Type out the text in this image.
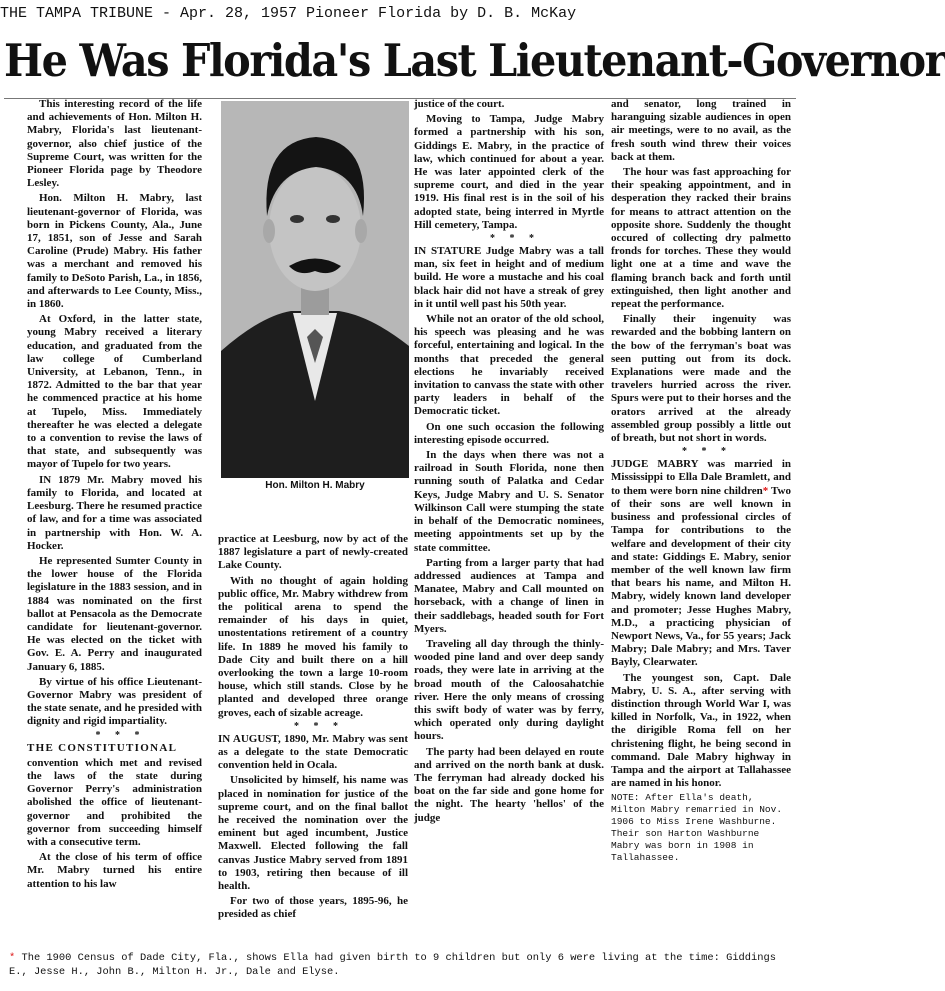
THE TAMPA TRIBUNE - Apr. 28, 1957 Pioneer Florida by D. B. McKay
He Was Florida's Last Lieutenant-Governor

This interesting record of the life and achievements of Hon. Milton H. Mabry, Florida's last lieutenant-governor, also chief justice of the Supreme Court, was written for the Pioneer Florida page by Theodore Lesley.

Hon. Milton H. Mabry, last lieutenant-governor of Florida, was born in Pickens County, Ala., June 17, 1851, son of Jesse and Sarah Caroline (Prude) Mabry. His father was a merchant and removed his family to DeSoto Parish, La., in 1856, and afterwards to Lee County, Miss., in 1860.

At Oxford, in the latter state, young Mabry received a literary education, and graduated from the law college of Cumberland University, at Lebanon, Tenn., in 1872. Admitted to the bar that year he commenced practice at his home at Tupelo, Miss. Immediately thereafter he was elected a delegate to a convention to revise the laws of that state, and subsequently was mayor of Tupelo for two years.

IN 1879 Mr. Mabry moved his family to Florida, and located at Leesburg. There he resumed practice of law, and for a time was associated in partnership with Hon. W. A. Hocker.

He represented Sumter County in the lower house of the Florida legislature in the 1883 session, and in 1884 was nominated on the first ballot at Pensacola as the Democrate candidate for lieutenant-governor. He was elected on the ticket with Gov. E. A. Perry and inaugurated January 6, 1885.

By virtue of his office Lieutenant-Governor Mabry was president of the state senate, and he presided with dignity and rigid impartiality.

* * *

THE CONSTITUTIONAL

convention which met and revised the laws of the state during Governor Perry's administration abolished the office of lieutenant-governor and prohibited the governor from succeeding himself with a consecutive term.

At the close of his term of office Mr. Mabry turned his entire attention to his law

Hon. Milton H. Mabry

practice at Leesburg, now by act of the 1887 legislature a part of newly-created Lake County.

With no thought of again holding public office, Mr. Mabry withdrew from the political arena to spend the remainder of his days in quiet, unostentations retirement of a country life. In 1889 he moved his family to Dade City and built there on a hill overlooking the town a large 10-room house, which still stands. Close by he planted and developed three orange groves, each of sizable acreage.

* * *

IN AUGUST, 1890, Mr. Mabry was sent as a delegate to the state Democratic convention held in Ocala.

Unsolicited by himself, his name was placed in nomination for justice of the supreme court, and on the final ballot he received the nomination over the eminent but aged incumbent, Justice Maxwell. Elected following the fall canvas Justice Mabry served from 1891 to 1903, retiring then because of ill health.

For two of those years, 1895-96, he presided as chief

justice of the court.

Moving to Tampa, Judge Mabry formed a partnership with his son, Giddings E. Mabry, in the practice of law, which continued for about a year. He was later appointed clerk of the supreme court, and died in the year 1919. His final rest is in the soil of his adopted state, being interred in Myrtle Hill cemetery, Tampa.

* * *

IN STATURE Judge Mabry was a tall man, six feet in height and of medium build. He wore a mustache and his coal black hair did not have a streak of grey in it until well past his 50th year.

While not an orator of the old school, his speech was pleasing and he was forceful, entertaining and logical. In the months that preceded the general elections he invariably received invitation to canvass the state with other party leaders in behalf of the Democratic ticket.

On one such occasion the following interesting episode occurred.

In the days when there was not a railroad in South Florida, none then running south of Palatka and Cedar Keys, Judge Mabry and U. S. Senator Wilkinson Call were stumping the state in behalf of the Democratic nominees, meeting appointments set up by the state committee.

Parting from a larger party that had addressed audiences at Tampa and Manatee, Mabry and Call mounted on horseback, with a change of linen in their saddlebags, headed south for Fort Myers.

Traveling all day through the thinly-wooded pine land and over deep sandy roads, they were late in arriving at the broad mouth of the Caloosahatchie river. Here the only means of crossing this swift body of water was by ferry, which operated only during daylight hours.

The party had been delayed en route and arrived on the north bank at dusk. The ferryman had already docked his boat on the far side and gone home for the night. The hearty 'hellos' of the judge

and senator, long trained in haranguing sizable audiences in open air meetings, were to no avail, as the fresh south wind threw their voices back at them.

The hour was fast approaching for their speaking appointment, and in desperation they racked their brains for means to attract attention on the opposite shore. Suddenly the thought occured of collecting dry palmetto fronds for torches. These they would light one at a time and wave the flaming branch back and forth until extinguished, then light another and repeat the performance.

Finally their ingenuity was rewarded and the bobbing lantern on the bow of the ferryman's boat was seen putting out from its dock. Explanations were made and the travelers hurried across the river. Spurs were put to their horses and the orators arrived at the already assembled group possibly a little out of breath, but not short in words.

* * *

JUDGE MABRY was married in Mississippi to Ella Dale Bramlett, and to them were born nine children* Two of their sons are well known in business and professional circles of Tampa for contributions to the welfare and development of their city and state: Giddings E. Mabry, senior member of the well known law firm that bears his name, and Milton H. Mabry, widely known land developer and promoter; Jesse Hughes Mabry, M.D., a practicing physician of Newport News, Va., for 55 years; Jack Mabry; Dale Mabry; and Mrs. Taver Bayly, Clearwater.

The youngest son, Capt. Dale Mabry, U. S. A., after serving with distinction through World War I, was killed in Norfolk, Va., in 1922, when the dirigible Roma fell on her christening flight, he being second in command. Dale Mabry highway in Tampa and the airport at Tallahassee are named in his honor.

NOTE: After Ella's death, Milton Mabry remarried in Nov. 1906 to Miss Irene Washburne. Their son Harton Washburne Mabry was born in 1908 in Tallahassee.

* The 1900 Census of Dade City, Fla., shows Ella had given birth to 9 children but only 6 were living at the time: Giddings E., Jesse H., John B., Milton H. Jr., Dale and Elyse.
